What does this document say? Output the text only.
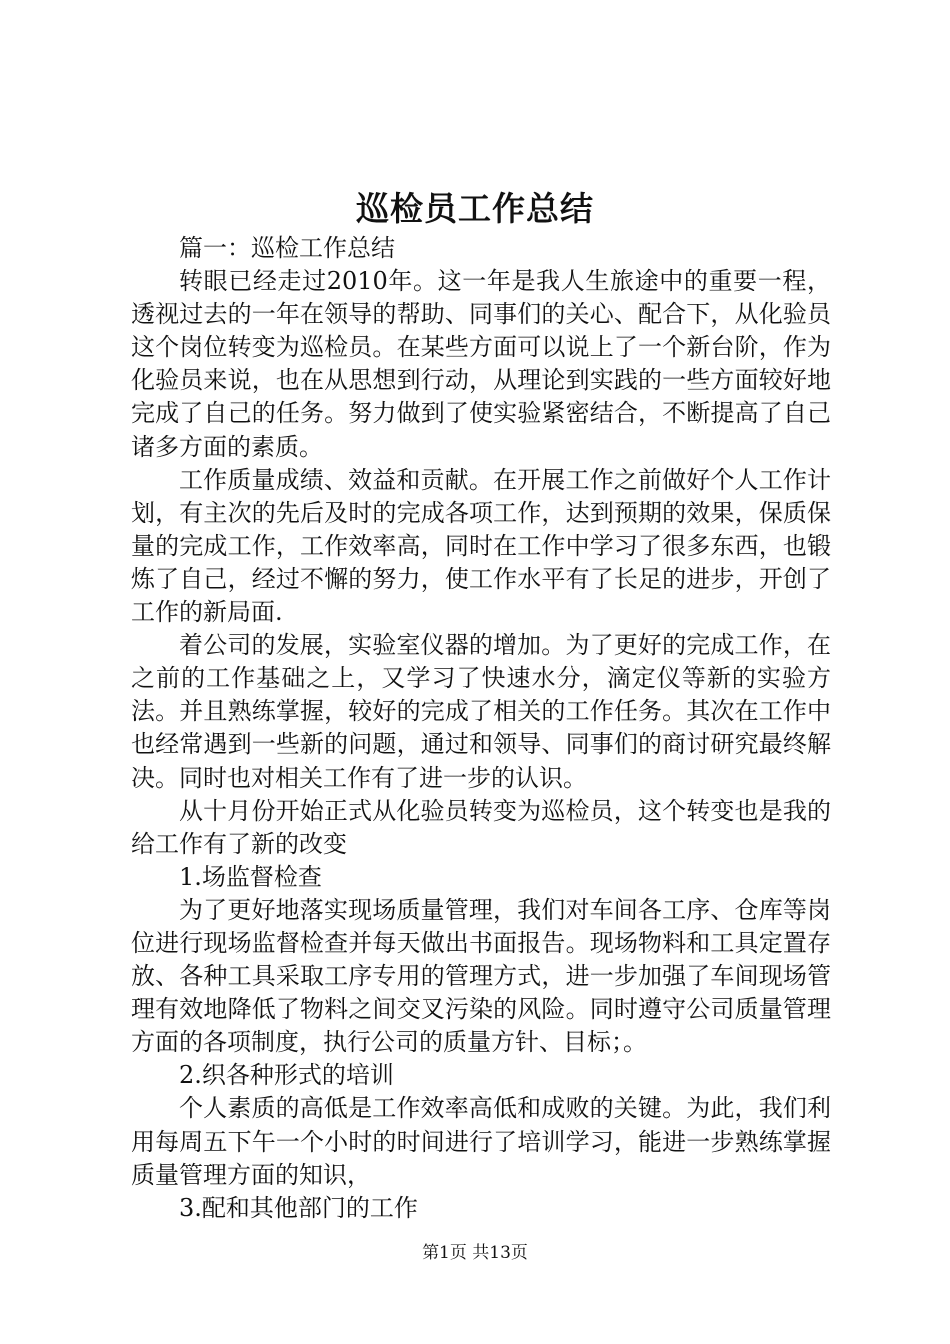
巡检员工作总结

篇一：巡检工作总结

转眼已经走过2010年。这一年是我人生旅途中的重要一程，透视过去的一年在领导的帮助、同事们的关心、配合下，从化验员这个岗位转变为巡检员。在某些方面可以说上了一个新台阶，作为化验员来说，也在从思想到行动，从理论到实践的一些方面较好地完成了自己的任务。努力做到了使实验紧密结合，不断提高了自己诸多方面的素质。

工作质量成绩、效益和贡献。在开展工作之前做好个人工作计划，有主次的先后及时的完成各项工作，达到预期的效果，保质保量的完成工作，工作效率高，同时在工作中学习了很多东西，也锻炼了自己，经过不懈的努力，使工作水平有了长足的进步，开创了工作的新局面.

着公司的发展，实验室仪器的增加。为了更好的完成工作，在之前的工作基础之上，又学习了快速水分，滴定仪等新的实验方法。并且熟练掌握，较好的完成了相关的工作任务。其次在工作中也经常遇到一些新的问题，通过和领导、同事们的商讨研究最终解决。同时也对相关工作有了进一步的认识。

从十月份开始正式从化验员转变为巡检员，这个转变也是我的给工作有了新的改变

1.场监督检查

为了更好地落实现场质量管理，我们对车间各工序、仓库等岗位进行现场监督检查并每天做出书面报告。现场物料和工具定置存放、各种工具采取工序专用的管理方式，进一步加强了车间现场管理有效地降低了物料之间交叉污染的风险。同时遵守公司质量管理方面的各项制度，执行公司的质量方针、目标；。

2.织各种形式的培训

个人素质的高低是工作效率高低和成败的关键。为此，我们利用每周五下午一个小时的时间进行了培训学习，能进一步熟练掌握质量管理方面的知识，

3.配和其他部门的工作

第1页 共13页
